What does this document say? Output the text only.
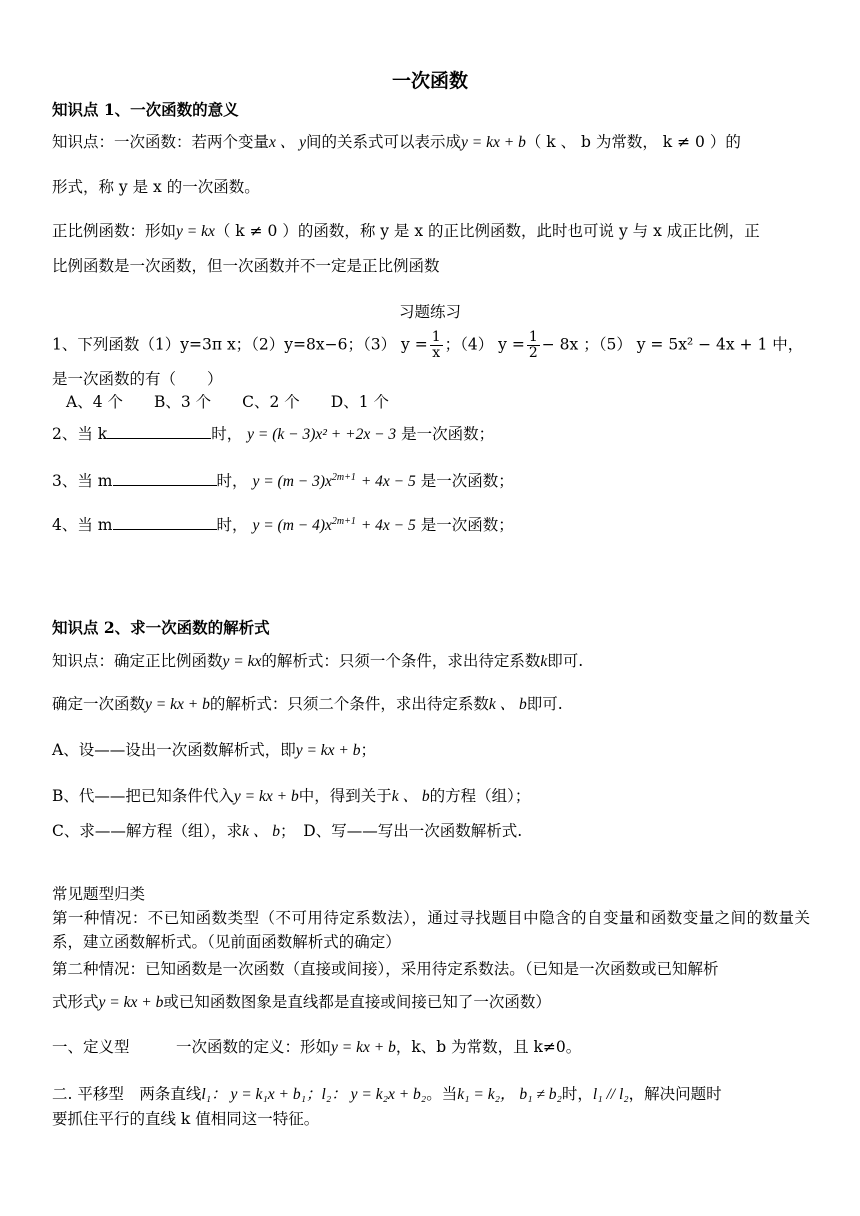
一次函数
知识点 1、一次函数的意义
知识点：一次函数：若两个变量x 、 y间的关系式可以表示成y = kx + b（ k 、 b 为常数， k ≠ 0 ）的
形式，称 y 是 x 的一次函数。
正比例函数：形如y = kx（ k ≠ 0 ）的函数，称 y 是 x 的正比例函数，此时也可说 y 与 x 成正比例，正
比例函数是一次函数，但一次函数并不一定是正比例函数
习题练习
1、下列函数（1）y=3π x；（2）y=8x−6；（3） $y = \frac{1}{x}$ ；（4） $y = \frac{1}{2} - 8x$ ；（5） y = 5x² − 4x + 1 中，
是一次函数的有（　　）
A、4 个　　B、3 个　　C、2 个　　D、1 个
2、当 k	时， y = (k − 3)x² + +2x − 3 是一次函数；
3、当 m	时， $y = (m - 3)x^{2m+1} + 4x - 5$ 是一次函数；
4、当 m	时， $y = (m - 4)x^{2m+1} + 4x - 5$ 是一次函数；
知识点 2、求一次函数的解析式
知识点：确定正比例函数y = kx的解析式：只须一个条件，求出待定系数k即可.
确定一次函数y = kx + b的解析式：只须二个条件，求出待定系数k 、 b即可.
A、设——设出一次函数解析式，即y = kx + b；
B、代——把已知条件代入y = kx + b中，得到关于k 、 b的方程（组）；
C、求——解方程（组），求k 、 b；　D、写——写出一次函数解析式.
常见题型归类
第一种情况：不已知函数类型（不可用待定系数法），通过寻找题目中隐含的自变量和函数变量之间的数量关系，建立函数解析式。（见前面函数解析式的确定）
第二种情况：已知函数是一次函数（直接或间接），采用待定系数法。（已知是一次函数或已知解析
式形式y = kx + b或已知函数图象是直线都是直接或间接已知了一次函数）
一、定义型　　　一次函数的定义：形如y = kx + b，k、b 为常数，且 k≠0。
二. 平移型　两条直线l₁： y = k₁x + b₁；l₂： y = k₂x + b₂。当k₁ = k₂， b₁ ≠ b₂时，l₁ // l₂，解决问题时
要抓住平行的直线 k 值相同这一特征。
